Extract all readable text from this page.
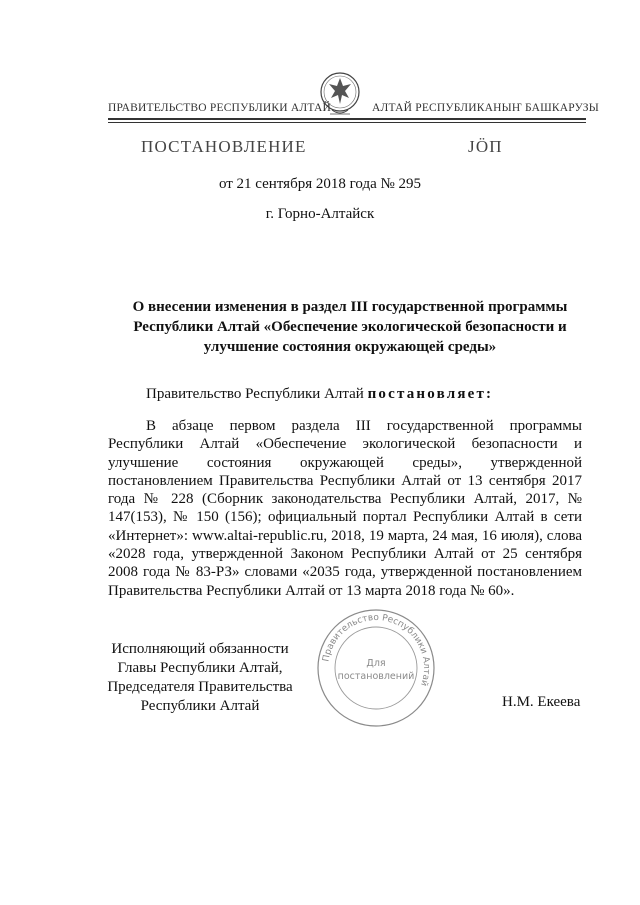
ПРАВИТЕЛЬСТВО РЕСПУБЛИКИ АЛТАЙ	АЛТАЙ РЕСПУБЛИКАНЫҤ БАШКАРУЗЫ
ПОСТАНОВЛЕНИЕ	ЈӦП
от 21 сентября 2018 года № 295
г. Горно-Алтайск
О внесении изменения в раздел III государственной программы Республики Алтай «Обеспечение экологической безопасности и улучшение состояния окружающей среды»
Правительство Республики Алтай постановляет:
В абзаце первом раздела III государственной программы Республики Алтай «Обеспечение экологической безопасности и улучшение состояния окружающей среды», утвержденной постановлением Правительства Республики Алтай от 13 сентября 2017 года № 228 (Сборник законодательства Республики Алтай, 2017, № 147(153), № 150 (156); официальный портал Республики Алтай в сети «Интернет»: www.altai-republic.ru, 2018, 19 марта, 24 мая, 16 июля), слова «2028 года, утвержденной Законом Республики Алтай от 25 сентября 2008 года № 83-РЗ» словами «2035 года, утвержденной постановлением Правительства Республики Алтай от 13 марта 2018 года № 60».
Исполняющий обязанности
Главы Республики Алтай,
Председателя Правительства
Республики Алтай
Правительство Республики Алтай
Для
постановлений
Н.М. Екеева
